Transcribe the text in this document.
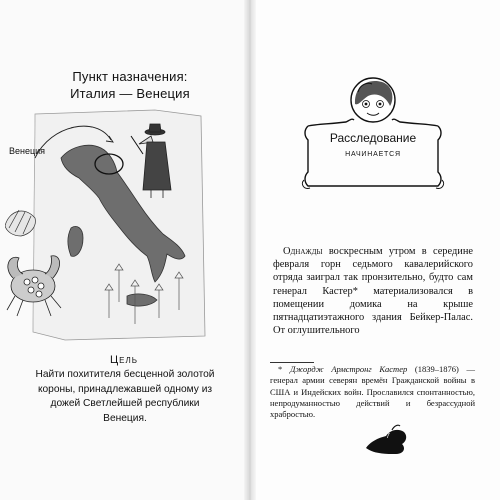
Пункт назначения:
Италия — Венеция
Венеция
Цель
Найти похитителя бесценной золотой короны, принадлежавшей одному из дожей Светлейшей республики Венеция.
Расследование
начинается
Однажды воскресным утром в середине февраля горн седьмого кавалерийского отряда заиграл так пронзительно, будто сам генерал Кастер* материализовался в помещении домика на крыше пятнадцатиэтажного здания Бейкер-Палас. От оглушительного
* Джордж Армстронг Кастер (1839–1876) — генерал армии северян времён Гражданской войны в США и Индейских войн. Прославился спонтанностью, непродуманностью действий и безрассудной храбростью.
7
